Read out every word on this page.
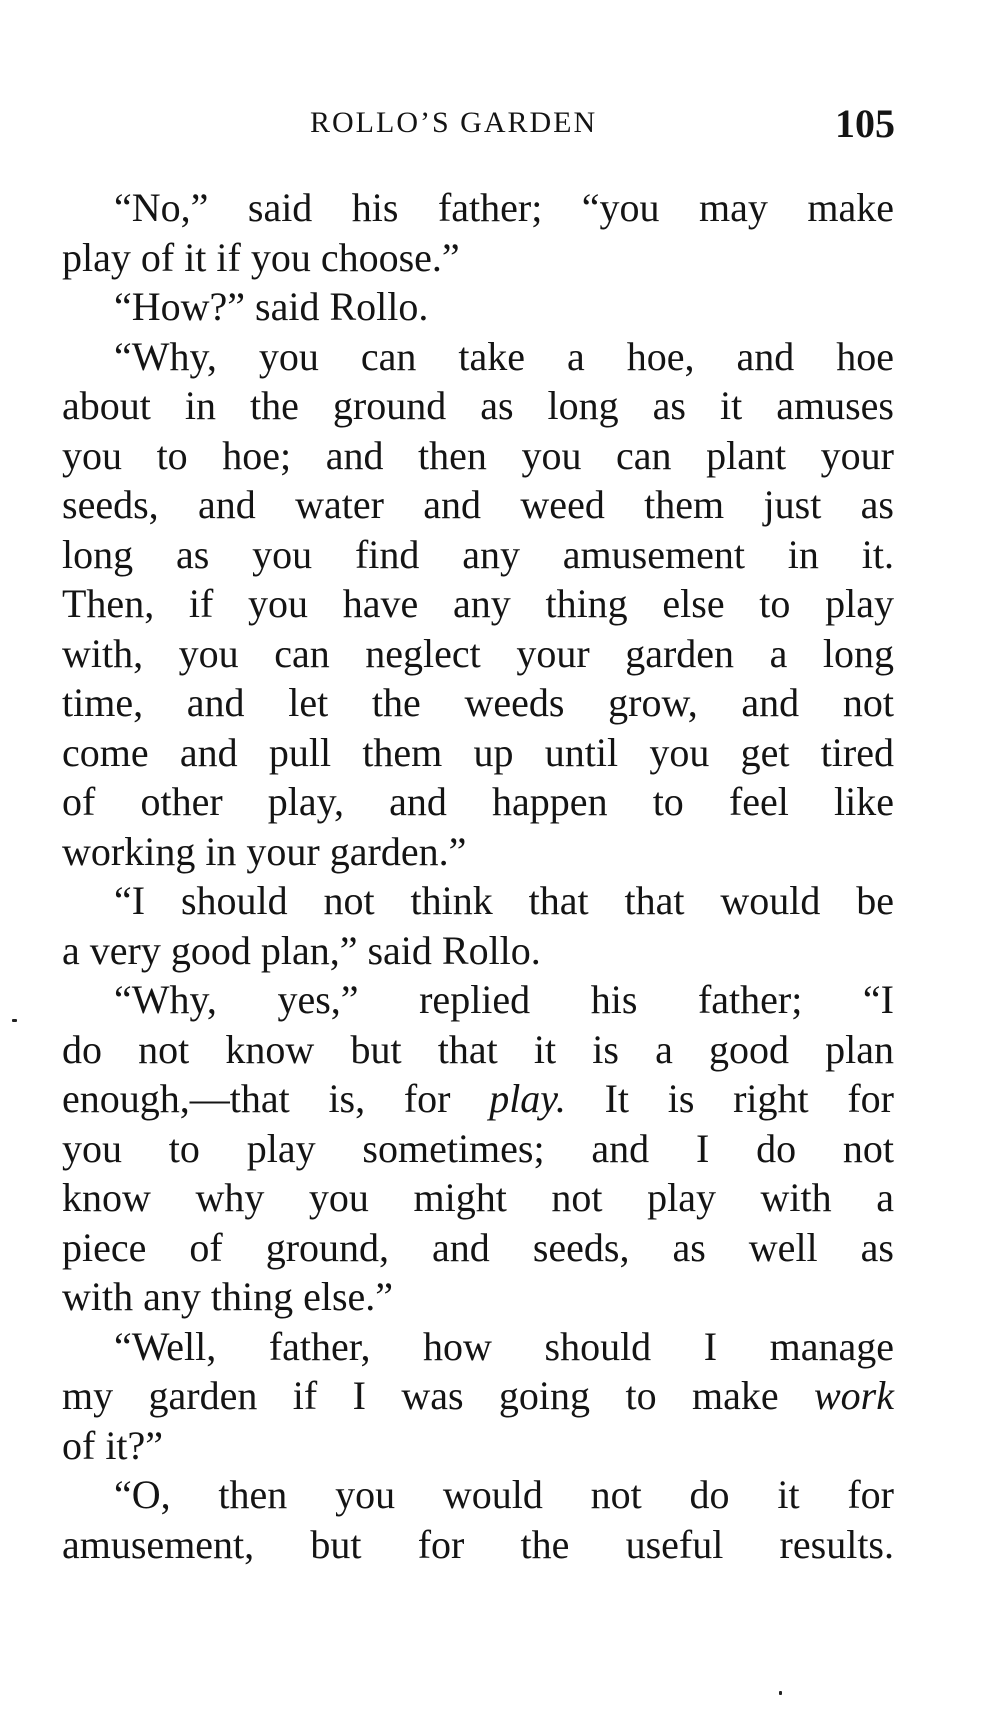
ROLLO’S GARDEN	105
“No,” said his father; “you may make
play of it if you choose.”
“How?” said Rollo.
“Why, you can take a hoe, and hoe
about in the ground as long as it amuses
you to hoe; and then you can plant your
seeds, and water and weed them just as
long as you find any amusement in it.
Then, if you have any thing else to play
with, you can neglect your garden a long
time, and let the weeds grow, and not
come and pull them up until you get tired
of other play, and happen to feel like
working in your garden.”
“I should not think that that would be
a very good plan,” said Rollo.
“Why, yes,” replied his father; “I
do not know but that it is a good plan
enough,—that is, for play. It is right for
you to play sometimes; and I do not
know why you might not play with a
piece of ground, and seeds, as well as
with any thing else.”
“Well, father, how should I manage
my garden if I was going to make work
of it?”
“O, then you would not do it for
amusement, but for the useful results.
